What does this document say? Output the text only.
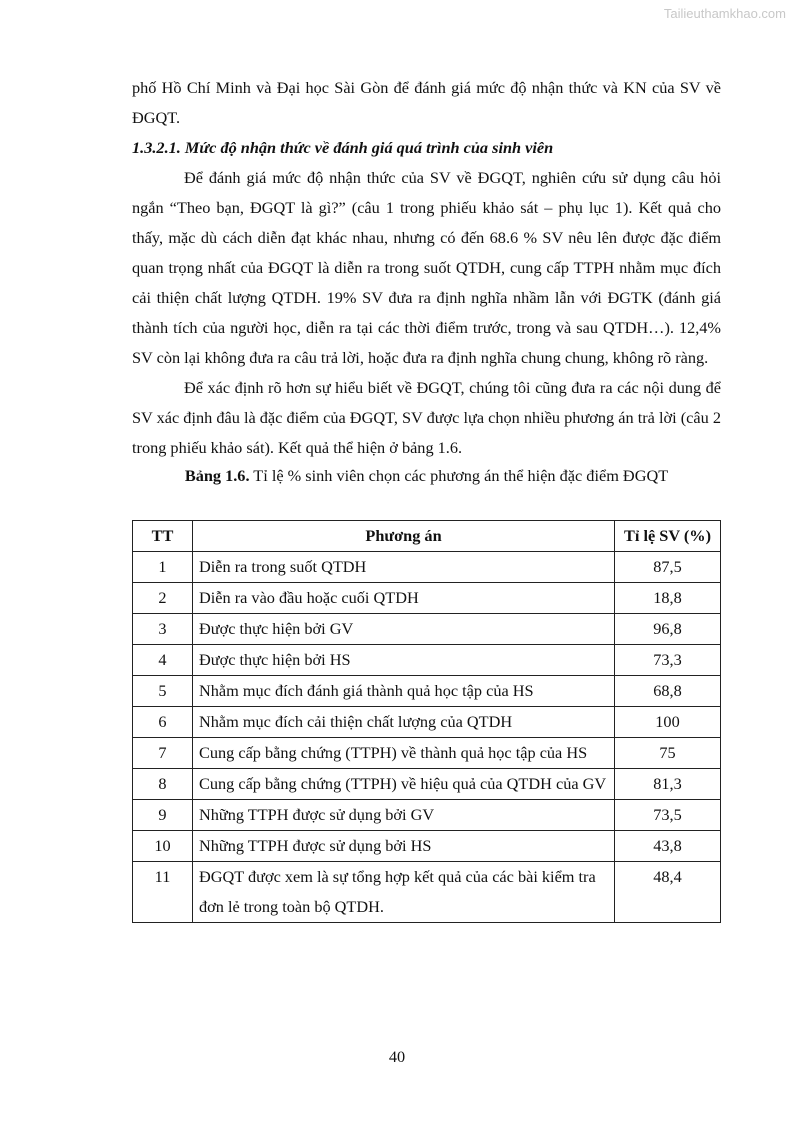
Tailieuthamkhao.com

phố Hồ Chí Minh và Đại học Sài Gòn để đánh giá mức độ nhận thức và KN của SV về ĐGQT.

1.3.2.1. Mức độ nhận thức về đánh giá quá trình của sinh viên

Để đánh giá mức độ nhận thức của SV về ĐGQT, nghiên cứu sử dụng câu hỏi ngắn “Theo bạn, ĐGQT là gì?” (câu 1 trong phiếu khảo sát – phụ lục 1). Kết quả cho thấy, mặc dù cách diễn đạt khác nhau, nhưng có đến 68.6 % SV nêu lên được đặc điểm quan trọng nhất của ĐGQT là diễn ra trong suốt QTDH, cung cấp TTPH nhằm mục đích cải thiện chất lượng QTDH. 19% SV đưa ra định nghĩa nhầm lẫn với ĐGTK (đánh giá thành tích của người học, diễn ra tại các thời điểm trước, trong và sau QTDH…). 12,4% SV còn lại không đưa ra câu trả lời, hoặc đưa ra định nghĩa chung chung, không rõ ràng.

Để xác định rõ hơn sự hiểu biết về ĐGQT, chúng tôi cũng đưa ra các nội dung để SV xác định đâu là đặc điểm của ĐGQT, SV được lựa chọn nhiều phương án trả lời (câu 2 trong phiếu khảo sát). Kết quả thể hiện ở bảng 1.6.

Bảng 1.6. Tỉ lệ % sinh viên chọn các phương án thể hiện đặc điểm ĐGQT

TT	Phương án	Tỉ lệ SV (%)
1	Diễn ra trong suốt QTDH	87,5
2	Diễn ra vào đầu hoặc cuối QTDH	18,8
3	Được thực hiện bởi GV	96,8
4	Được thực hiện bởi HS	73,3
5	Nhằm mục đích đánh giá thành quả học tập của HS	68,8
6	Nhằm mục đích cải thiện chất lượng của QTDH	100
7	Cung cấp bằng chứng (TTPH) về thành quả học tập của HS	75
8	Cung cấp bằng chứng (TTPH) về hiệu quả của QTDH của GV	81,3
9	Những TTPH được sử dụng bởi GV	73,5
10	Những TTPH được sử dụng bởi HS	43,8
11	ĐGQT được xem là sự tổng hợp kết quả của các bài kiểm tra đơn lẻ trong toàn bộ QTDH.	48,4
40
